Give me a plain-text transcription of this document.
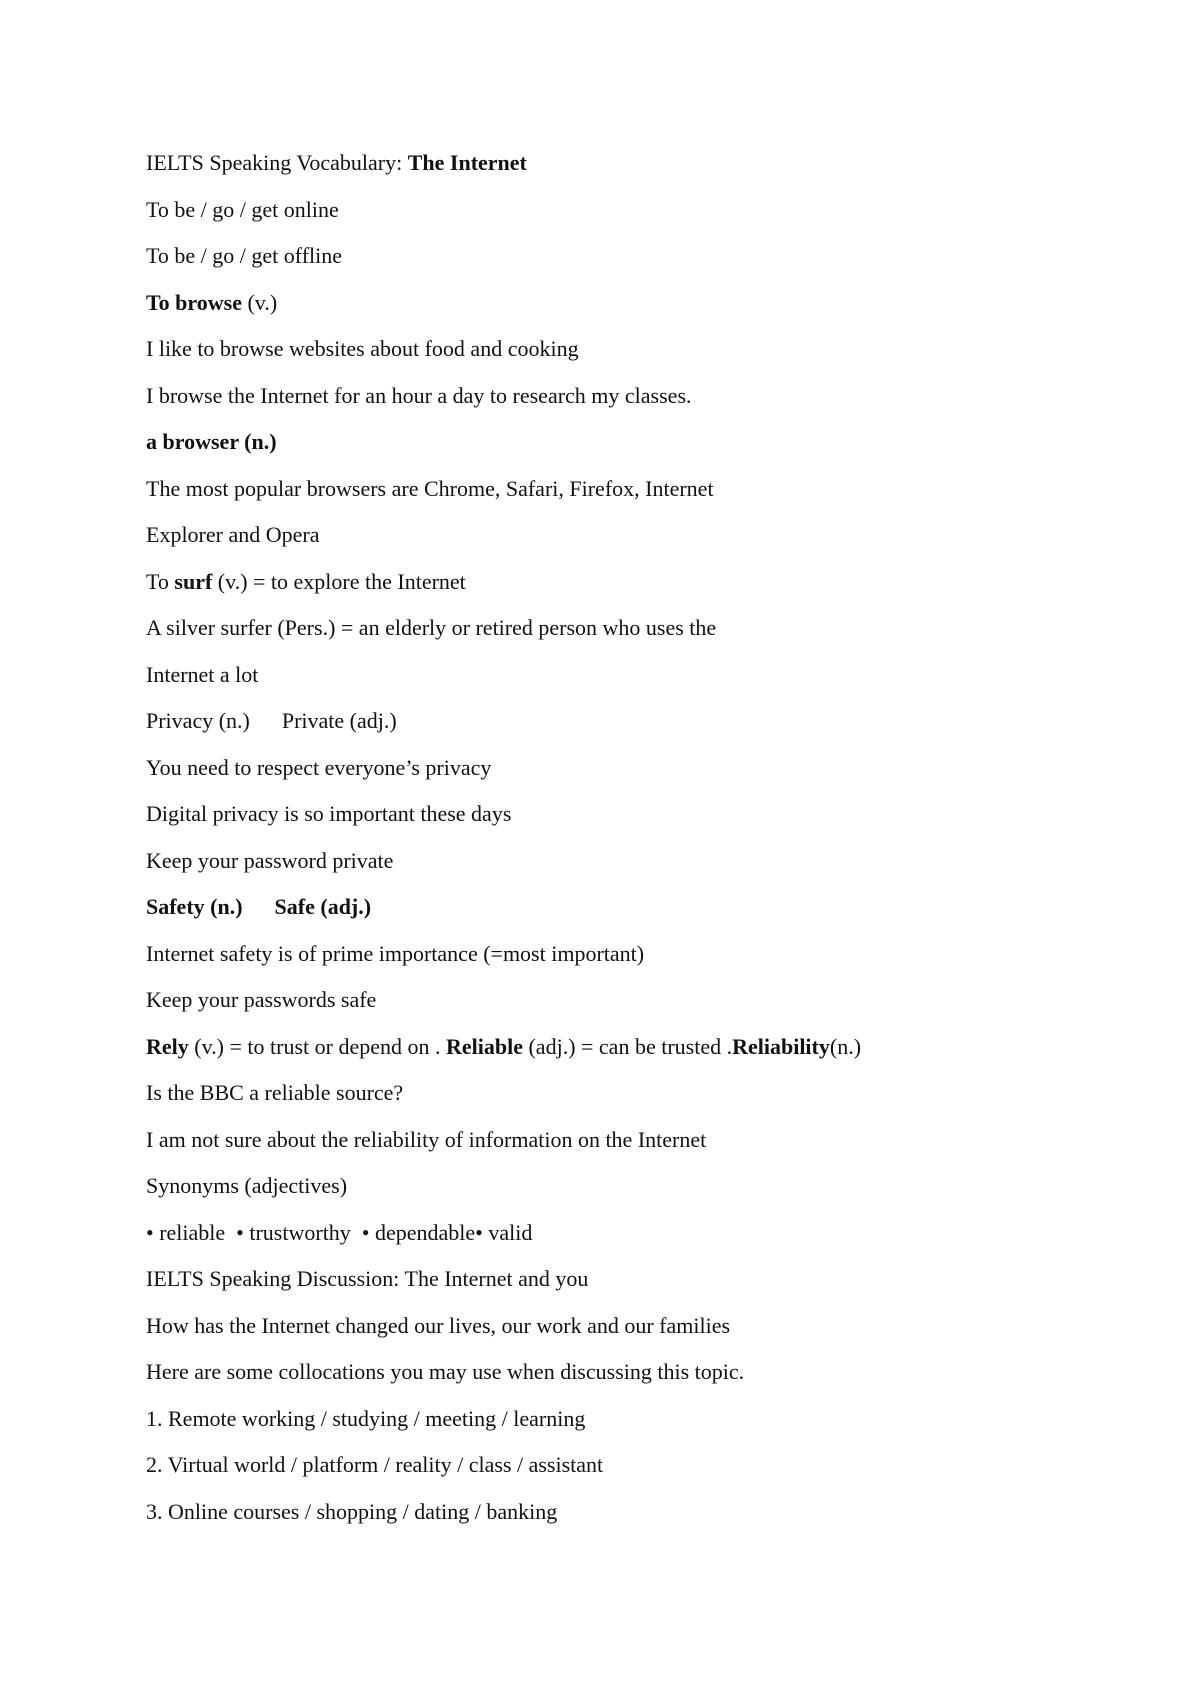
IELTS Speaking Vocabulary: The Internet
To be / go / get online
To be / go / get offline
To browse (v.)
I like to browse websites about food and cooking
I browse the Internet for an hour a day to research my classes.
a browser (n.)
The most popular browsers are Chrome, Safari, Firefox, Internet
Explorer and Opera
To surf (v.) = to explore the Internet
A silver surfer (Pers.) = an elderly or retired person who uses the
Internet a lot
Privacy (n.) Private (adj.)
You need to respect everyone’s privacy
Digital privacy is so important these days
Keep your password private
Safety (n.) Safe (adj.)
Internet safety is of prime importance (=most important)
Keep your passwords safe
Rely (v.) = to trust or depend on . Reliable (adj.) = can be trusted .Reliability(n.)
Is the BBC a reliable source?
I am not sure about the reliability of information on the Internet
Synonyms (adjectives)
• reliable  • trustworthy  • dependable• valid
IELTS Speaking Discussion: The Internet and you
How has the Internet changed our lives, our work and our families
Here are some collocations you may use when discussing this topic.
1. Remote working / studying / meeting / learning
2. Virtual world / platform / reality / class / assistant
3. Online courses / shopping / dating / banking
